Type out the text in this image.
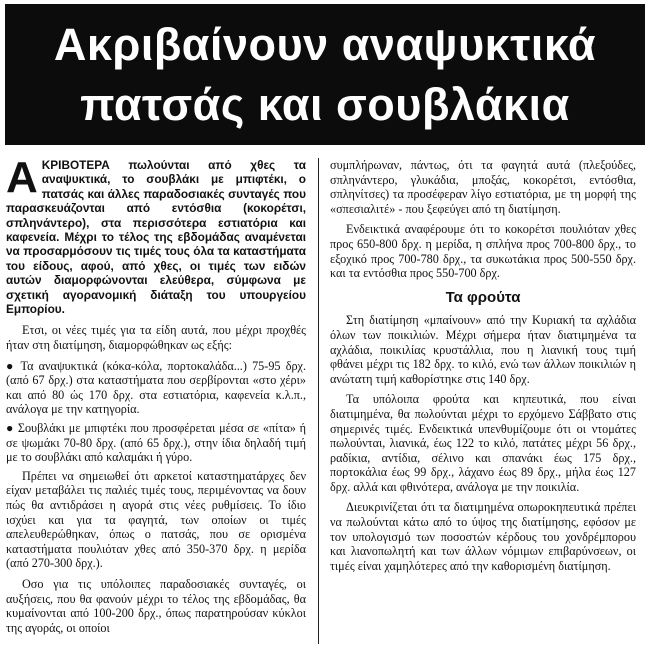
Ακριβαίνουν αναψυκτικά
πατσάς και σουβλάκια

ΑΚΡΙΒΟΤΕΡΑ πωλούνται από χθες τα αναψυκτικά, το σουβλάκι με μπιφτέκι, ο πατσάς και άλλες παραδοσιακές συνταγές που παρασκευάζονται από εντόσθια (κοκορέτσι, σπληνάντερο), στα περισσότερα εστιατόρια και καφενεία. Μέχρι το τέλος της εβδομάδας αναμένεται να προσαρμόσουν τις τιμές τους όλα τα καταστήματα του είδους, αφού, από χθες, οι τιμές των ειδών αυτών διαμορφώνονται ελεύθερα, σύμφωνα με σχετική αγορανομική διάταξη του υπουργείου Εμπορίου.

Ετσι, οι νέες τιμές για τα είδη αυτά, που μέχρι προχθές ήταν στη διατίμηση, διαμορφώθηκαν ως εξής:

● Τα αναψυκτικά (κόκα-κόλα, πορτοκαλάδα...) 75-95 δρχ. (από 67 δρχ.) στα καταστήματα που σερβίρονται «στο χέρι» και από 80 ώς 170 δρχ. στα εστιατόρια, καφενεία κ.λ.π., ανάλογα με την κατηγορία.

● Σουβλάκι με μπιφτέκι που προσφέρεται μέσα σε «πίτα» ή σε ψωμάκι 70-80 δρχ. (από 65 δρχ.), στην ίδια δηλαδή τιμή με το σουβλάκι από καλαμάκι ή γύρο.

Πρέπει να σημειωθεί ότι αρκετοί καταστηματάρχες δεν είχαν μεταβάλει τις παλιές τιμές τους, περιμένοντας να δουν πώς θα αντιδράσει η αγορά στις νέες ρυθμίσεις. Το ίδιο ισχύει και για τα φαγητά, των οποίων οι τιμές απελευθερώθηκαν, όπως ο πατσάς, που σε ορισμένα καταστήματα πουλιόταν χθες από 350-370 δρχ. η μερίδα (από 270-300 δρχ.).

Οσο για τις υπόλοιπες παραδοσιακές συνταγές, οι αυξήσεις, που θα φανούν μέχρι το τέλος της εβδομάδας, θα κυμαίνονται από 100-200 δρχ., όπως παρατηρούσαν κύκλοι της αγοράς, οι οποίοι

συμπλήρωναν, πάντως, ότι τα φαγητά αυτά (πλεξούδες, σπληνάντερο, γλυκάδια, μποξάς, κοκορέτσι, εντόσθια, σπληνίτσες) τα προσέφεραν λίγο εστιατόρια, με τη μορφή της «σπεσιαλιτέ» - που ξεφεύγει από τη διατίμηση.

Ενδεικτικά αναφέρουμε ότι το κοκορέτσι πουλιόταν χθες προς 650-800 δρχ. η μερίδα, η σπλήνα προς 700-800 δρχ., το εξοχικό προς 700-780 δρχ., τα συκωτάκια προς 500-550 δρχ. και τα εντόσθια προς 550-700 δρχ.

Τα φρούτα

Στη διατίμηση «μπαίνουν» από την Κυριακή τα αχλάδια όλων των ποικιλιών. Μέχρι σήμερα ήταν διατιμημένα τα αχλάδια, ποικιλίας κρυστάλλια, που η λιανική τους τιμή φθάνει μέχρι τις 182 δρχ. το κιλό, ενώ των άλλων ποικιλιών η ανώτατη τιμή καθορίστηκε στις 140 δρχ.

Τα υπόλοιπα φρούτα και κηπευτικά, που είναι διατιμημένα, θα πωλούνται μέχρι το ερχόμενο Σάββατο στις σημερινές τιμές. Ενδεικτικά υπενθυμίζουμε ότι οι ντομάτες πωλούνται, λιανικά, έως 122 το κιλό, πατάτες μέχρι 56 δρχ., ραδίκια, αντίδια, σέλινο και σπανάκι έως 175 δρχ., πορτοκάλια έως 99 δρχ., λάχανο έως 89 δρχ., μήλα έως 127 δρχ. αλλά και φθινότερα, ανάλογα με την ποικιλία.

Διευκρινίζεται ότι τα διατιμημένα οπωροκηπευτικά πρέπει να πωλούνται κάτω από το ύψος της διατίμησης, εφόσον με τον υπολογισμό των ποσοστών κέρδους του χονδρέμπορου και λιανοπωλητή και των άλλων νόμιμων επιβαρύνσεων, οι τιμές είναι χαμηλότερες από την καθορισμένη διατίμηση.
